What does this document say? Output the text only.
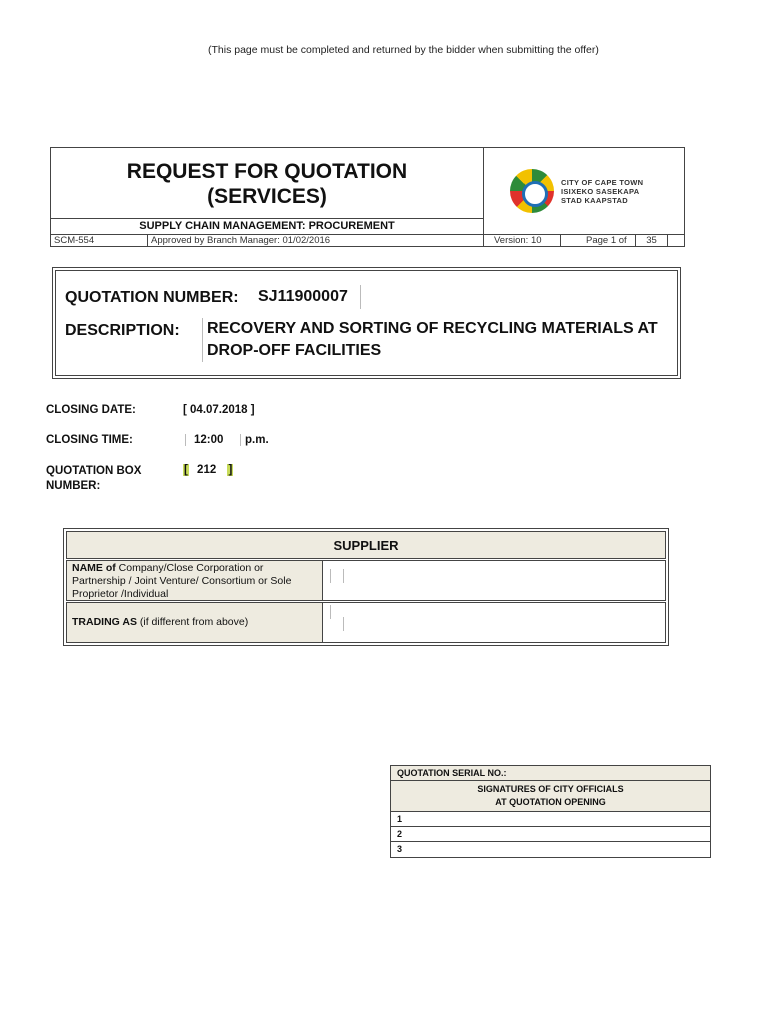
(This page must be completed and returned by the bidder when submitting the offer)
REQUEST FOR QUOTATION
(SERVICES)
SUPPLY CHAIN MANAGEMENT: PROCUREMENT
CITY OF CAPE TOWN
ISIXEKO SASEKAPA
STAD KAAPSTAD
SCM-554	Approved by Branch Manager: 01/02/2016	Version: 10	Page 1 of	35
QUOTATION NUMBER: SJ11900007
DESCRIPTION:	RECOVERY AND SORTING OF RECYCLING MATERIALS AT DROP-OFF FACILITIES
CLOSING DATE:	[ 04.07.2018 ]
CLOSING TIME:	12:00	p.m.
QUOTATION BOX
NUMBER:
[ 212 ]
SUPPLIER
NAME of Company/Close Corporation or Partnership / Joint Venture/ Consortium or Sole Proprietor /Individual
TRADING AS (if different from above)
QUOTATION SERIAL NO.:
SIGNATURES OF CITY OFFICIALS
AT QUOTATION OPENING
1
2
3
